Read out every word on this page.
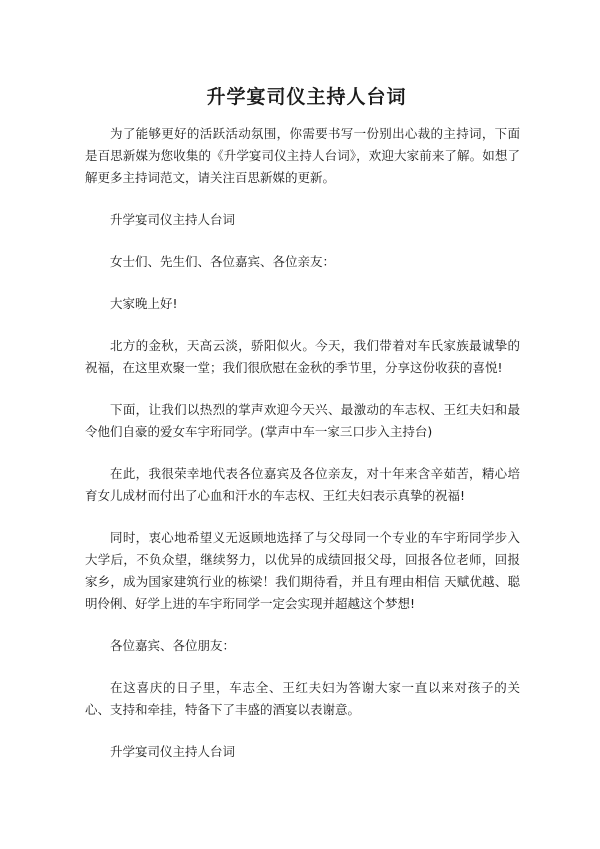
升学宴司仪主持人台词

为了能够更好的活跃活动氛围，你需要书写一份别出心裁的主持词，下面是百思新媒为您收集的《升学宴司仪主持人台词》，欢迎大家前来了解。如想了解更多主持词范文，请关注百思新媒的更新。

升学宴司仪主持人台词

女士们、先生们、各位嘉宾、各位亲友：

大家晚上好!

北方的金秋，天高云淡，骄阳似火。今天，我们带着对车氏家族最诚挚的祝福，在这里欢聚一堂；我们很欣慰在金秋的季节里，分享这份收获的喜悦!

下面，让我们以热烈的掌声欢迎今天兴、最激动的车志权、王红夫妇和最令他们自豪的爱女车宇珩同学。(掌声中车一家三口步入主持台)

在此，我很荣幸地代表各位嘉宾及各位亲友，对十年来含辛茹苦，精心培育女儿成材而付出了心血和汗水的车志权、王红夫妇表示真挚的祝福!

同时，衷心地希望义无返顾地选择了与父母同一个专业的车宇珩同学步入大学后，不负众望，继续努力，以优异的成绩回报父母，回报各位老师，回报家乡，成为国家建筑行业的栋梁！我们期待看，并且有理由相信 天赋优越、聪明伶俐、好学上进的车宇珩同学一定会实现并超越这个梦想!

各位嘉宾、各位朋友：

在这喜庆的日子里，车志全、王红夫妇为答谢大家一直以来对孩子的关心、支持和牵挂，特备下了丰盛的酒宴以表谢意。

升学宴司仪主持人台词
